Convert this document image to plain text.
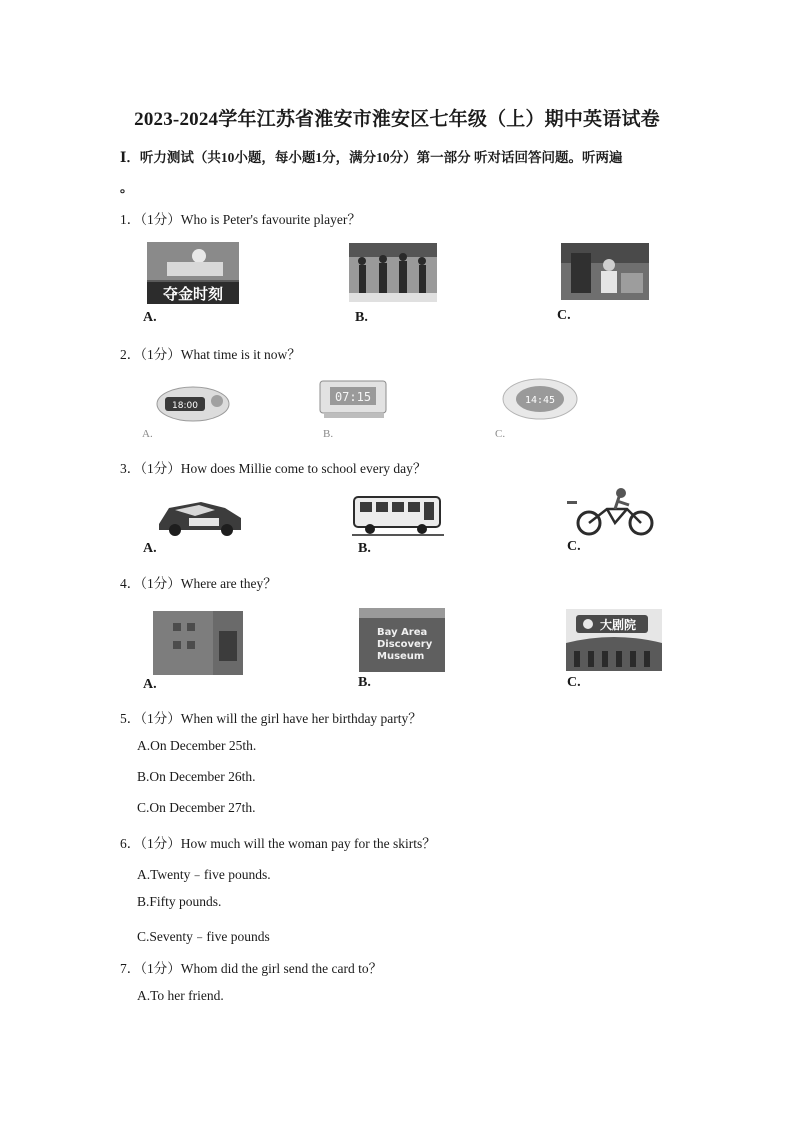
2023-2024学年江苏省淮安市淮安区七年级（上）期中英语试卷
Ⅰ．听力测试（共10小题，每小题1分，满分10分）第一部分 听对话回答问题。听两遍
。
1．（1分）Who is Peter's favourite player？
夺金时刻
A.	B.	C.
2．（1分）What time is it now？
18:00
A.
07:15
B.
14:45
C.
3．（1分）How does Millie come to school every day？
A.	B.	C.
4．（1分）Where are they？
A.
Bay Area
Discovery
Museum
B.
大剧院
C.
5．（1分）When will the girl have her birthday party？
A.On December 25th.
B.On December 26th.
C.On December 27th.
6．（1分）How much will the woman pay for the skirts？
A.Twenty﹣five pounds.
B.Fifty pounds.
C.Seventy﹣five pounds
7．（1分）Whom did the girl send the card to？
A.To her friend.
